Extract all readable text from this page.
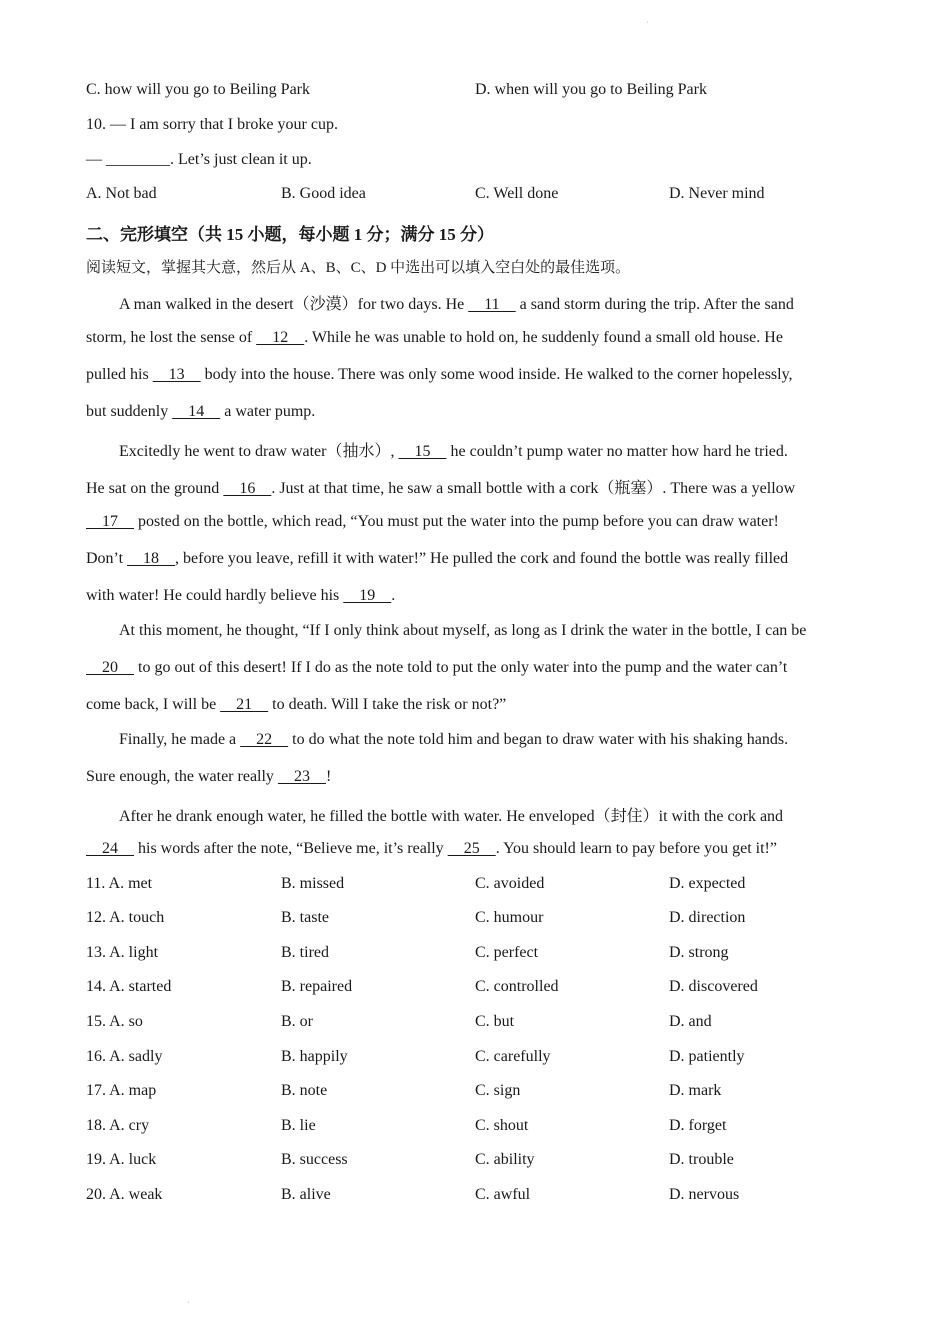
·
C. how will you go to Beiling Park	D. when will you go to Beiling Park
10. — I am sorry that I broke your cup.
— ________. Let’s just clean it up.
A. Not bad	B. Good idea	C. Well done	D. Never mind
二、完形填空（共 15 小题，每小题 1 分；满分 15 分）
阅读短文，掌握其大意，然后从 A、B、C、D 中选出可以填入空白处的最佳选项。
A man walked in the desert（沙漠）for two days. He     11     a sand storm during the trip. After the sand
storm, he lost the sense of     12    . While he was unable to hold on, he suddenly found a small old house. He
pulled his     13     body into the house. There was only some wood inside. He walked to the corner hopelessly,
but suddenly     14     a water pump.
Excitedly he went to draw water（抽水）,     15     he couldn’t pump water no matter how hard he tried.
He sat on the ground     16    . Just at that time, he saw a small bottle with a cork（瓶塞）. There was a yellow
17     posted on the bottle, which read, “You must put the water into the pump before you can draw water!
Don’t     18    , before you leave, refill it with water!” He pulled the cork and found the bottle was really filled
with water! He could hardly believe his     19    .
At this moment, he thought, “If I only think about myself, as long as I drink the water in the bottle, I can be
20     to go out of this desert! If I do as the note told to put the only water into the pump and the water can’t
come back, I will be     21     to death. Will I take the risk or not?”
Finally, he made a     22     to do what the note told him and began to draw water with his shaking hands.
Sure enough, the water really     23    !
After he drank enough water, he filled the bottle with water. He enveloped（封住）it with the cork and
24     his words after the note, “Believe me, it’s really     25    . You should learn to pay before you get it!”
11. A. met	B. missed	C. avoided	D. expected
12. A. touch	B. taste	C. humour	D. direction
13. A. light	B. tired	C. perfect	D. strong
14. A. started	B. repaired	C. controlled	D. discovered
15. A. so	B. or	C. but	D. and
16. A. sadly	B. happily	C. carefully	D. patiently
17. A. map	B. note	C. sign	D. mark
18. A. cry	B. lie	C. shout	D. forget
19. A. luck	B. success	C. ability	D. trouble
20. A. weak	B. alive	C. awful	D. nervous
·
